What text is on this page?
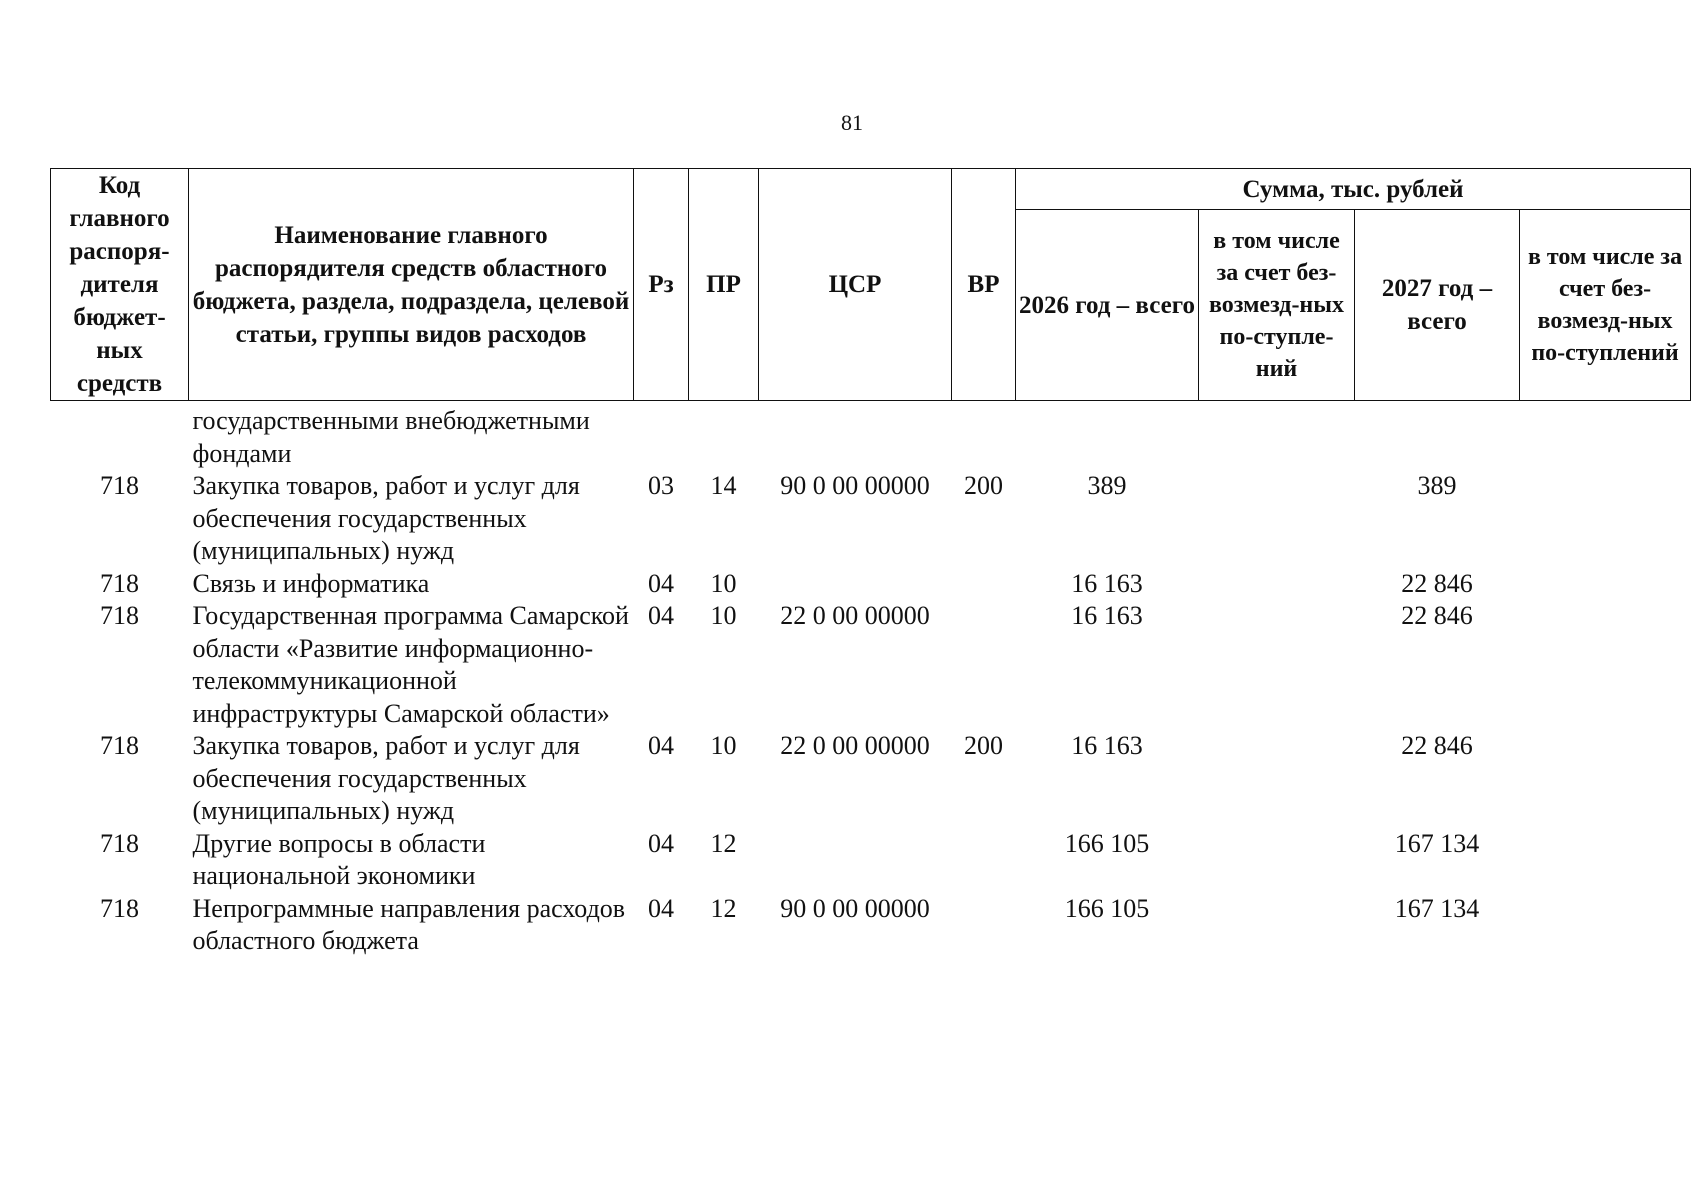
81
Код главного распоря-дителя бюджет-ных средств	Наименование главного распорядителя средств областного бюджета, раздела, подраздела, целевой статьи, группы видов расходов	Рз	ПР	ЦСР	ВР	Сумма, тыс. рублей			
						2026 год – всего	в том числе за счет без-возмезд-ных по-ступле-ний	2027 год – всего	в том числе за счет без-возмезд-ных по-ступлений
	государственными внебюджетными фондами								
718	Закупка товаров, работ и услуг для обеспечения государственных (муниципальных) нужд	03	14	90 0 00 00000	200	389		389	
718	Связь и информатика	04	10			16 163		22 846	
718	Государственная программа Самарской области «Развитие информационно-телекоммуникационной инфраструктуры Самарской области»	04	10	22 0 00 00000		16 163		22 846	
718	Закупка товаров, работ и услуг для обеспечения государственных (муниципальных) нужд	04	10	22 0 00 00000	200	16 163		22 846	
718	Другие вопросы в области национальной экономики	04	12			166 105		167 134	
718	Непрограммные направления расходов областного бюджета	04	12	90 0 00 00000		166 105		167 134	
